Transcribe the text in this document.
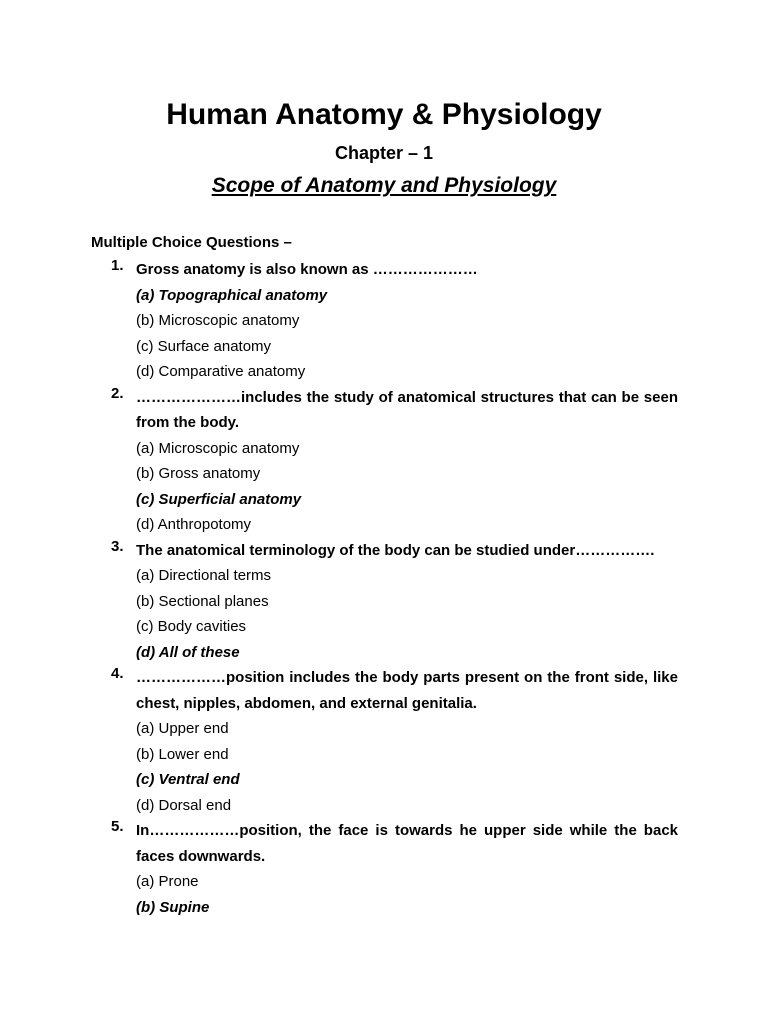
Human Anatomy & Physiology
Chapter – 1
Scope of Anatomy and Physiology
Multiple Choice Questions –
1. Gross anatomy is also known as …………………
(a) Topographical anatomy
(b) Microscopic anatomy
(c) Surface anatomy
(d) Comparative anatomy
2. …………………includes the study of anatomical structures that can be seen from the body.
(a) Microscopic anatomy
(b) Gross anatomy
(c) Superficial anatomy
(d) Anthropotomy
3. The anatomical terminology of the body can be studied under…………….
(a) Directional terms
(b) Sectional planes
(c) Body cavities
(d) All of these
4. ………………position includes the body parts present on the front side, like chest, nipples, abdomen, and external genitalia.
(a) Upper end
(b) Lower end
(c) Ventral end
(d) Dorsal end
5. In………………position, the face is towards he upper side while the back faces downwards.
(a) Prone
(b) Supine
